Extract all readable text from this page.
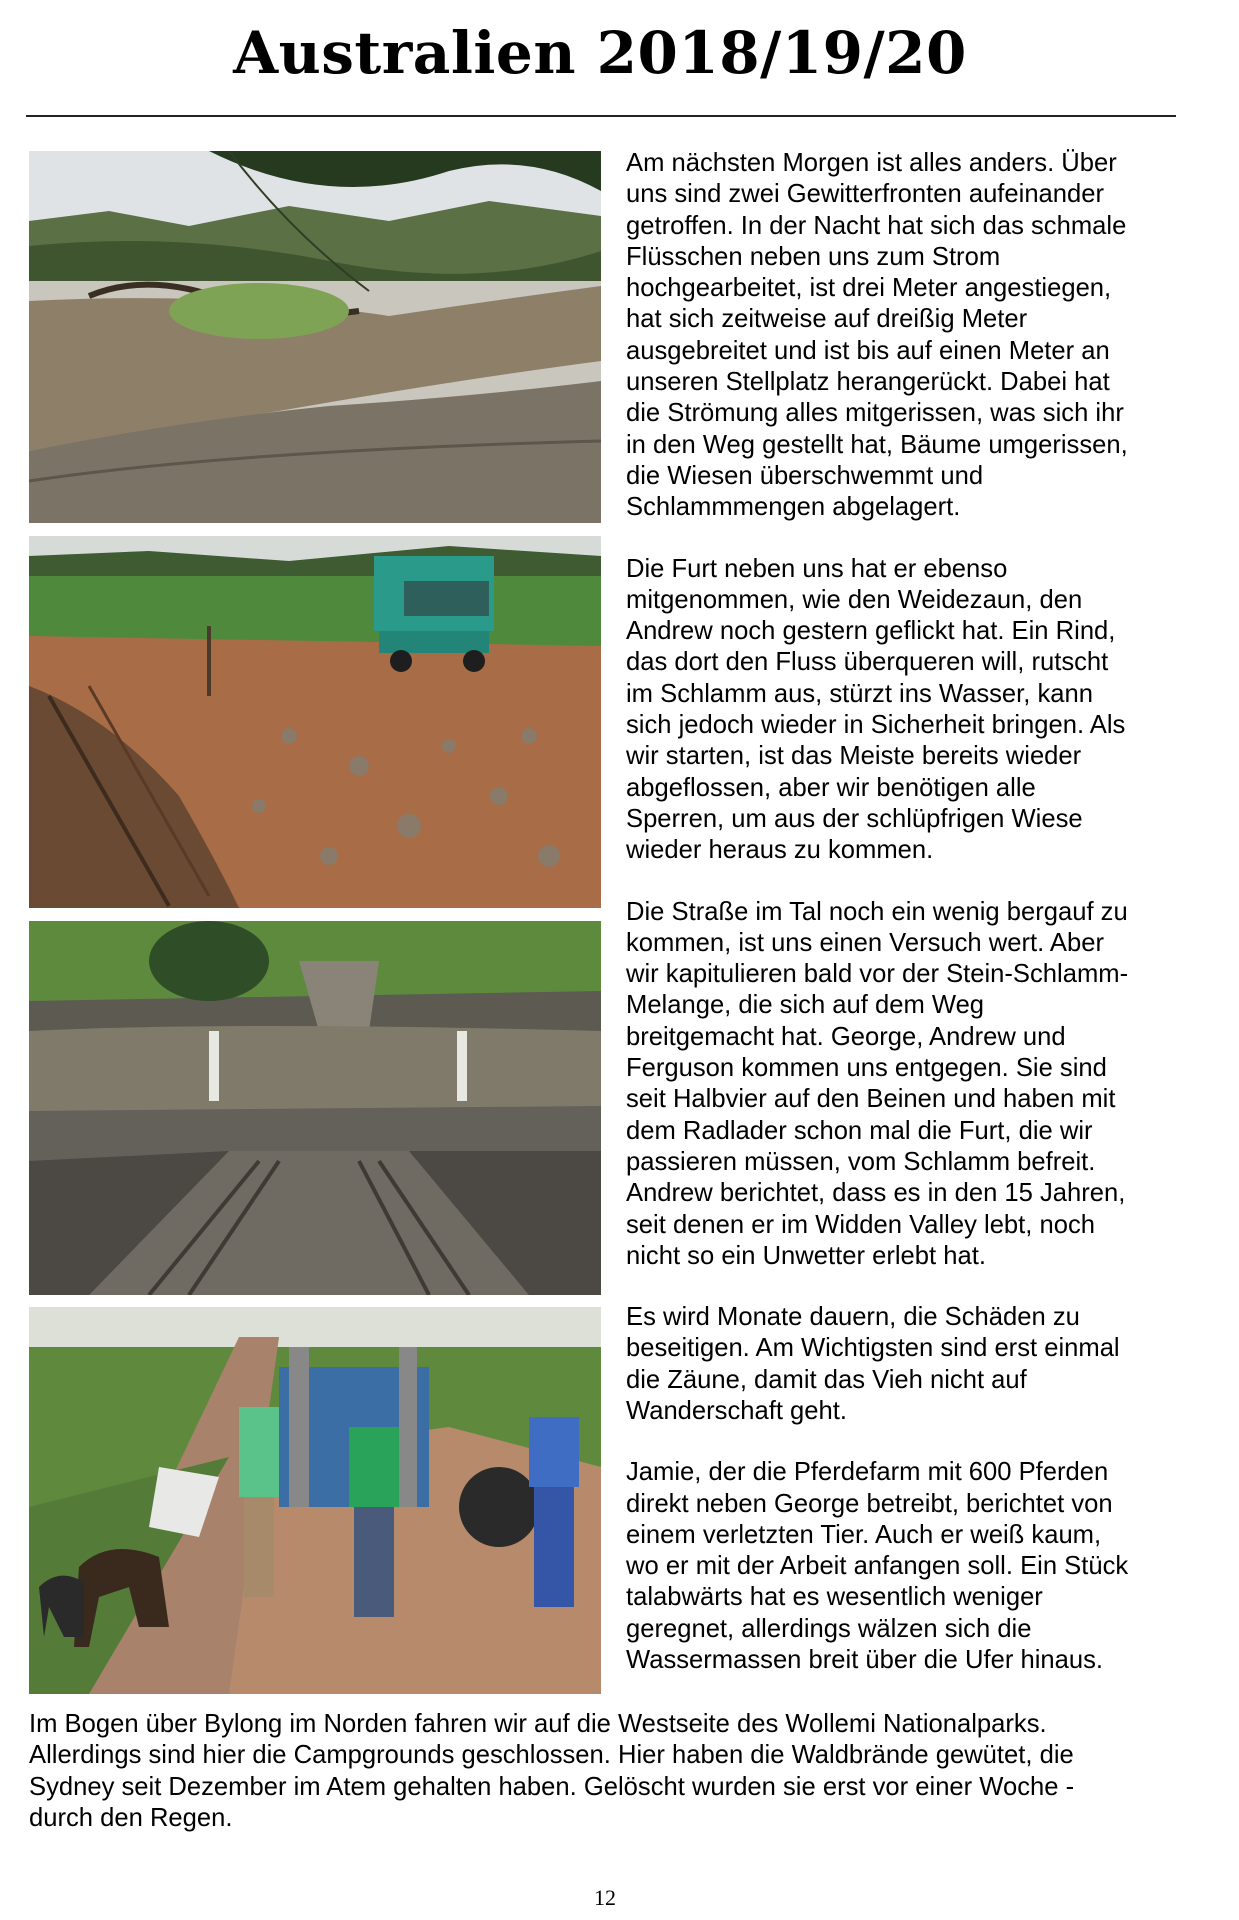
Australien 2018/19/20

Am nächsten Morgen ist alles anders. Über
uns sind zwei Gewitterfronten aufeinander
getroffen. In der Nacht hat sich das schmale
Flüsschen neben uns zum Strom
hochgearbeitet, ist drei Meter angestiegen,
hat sich zeitweise auf dreißig Meter
ausgebreitet und ist bis auf einen Meter an
unseren Stellplatz herangerückt. Dabei hat
die Strömung alles mitgerissen, was sich ihr
in den Weg gestellt hat, Bäume umgerissen,
die Wiesen überschwemmt und
Schlammmengen abgelagert.

Die Furt neben uns hat er ebenso
mitgenommen, wie den Weidezaun, den
Andrew noch gestern geflickt hat. Ein Rind,
das dort den Fluss überqueren will, rutscht
im Schlamm aus, stürzt ins Wasser, kann
sich jedoch wieder in Sicherheit bringen. Als
wir starten, ist das Meiste bereits wieder
abgeflossen, aber wir benötigen alle
Sperren, um aus der schlüpfrigen Wiese
wieder heraus zu kommen.

Die Straße im Tal noch ein wenig bergauf zu
kommen, ist uns einen Versuch wert. Aber
wir kapitulieren bald vor der Stein-Schlamm-
Melange, die sich auf dem Weg
breitgemacht hat. George, Andrew und
Ferguson kommen uns entgegen. Sie sind
seit Halbvier auf den Beinen und haben mit
dem Radlader schon mal die Furt, die wir
passieren müssen, vom Schlamm befreit.
Andrew berichtet, dass es in den 15 Jahren,
seit denen er im Widden Valley lebt, noch
nicht so ein Unwetter erlebt hat.

Es wird Monate dauern, die Schäden zu
beseitigen. Am Wichtigsten sind erst einmal
die Zäune, damit das Vieh nicht auf
Wanderschaft geht.

Jamie, der die Pferdefarm mit 600 Pferden
direkt neben George betreibt, berichtet von
einem verletzten Tier. Auch er weiß kaum,
wo er mit der Arbeit anfangen soll. Ein Stück
talabwärts hat es wesentlich weniger
geregnet, allerdings wälzen sich die
Wassermassen breit über die Ufer hinaus.

Im Bogen über Bylong im Norden fahren wir auf die Westseite des Wollemi Nationalparks.
Allerdings sind hier die Campgrounds geschlossen. Hier haben die Waldbrände gewütet, die
Sydney seit Dezember im Atem gehalten haben. Gelöscht wurden sie erst vor einer Woche -
durch den Regen.
12
